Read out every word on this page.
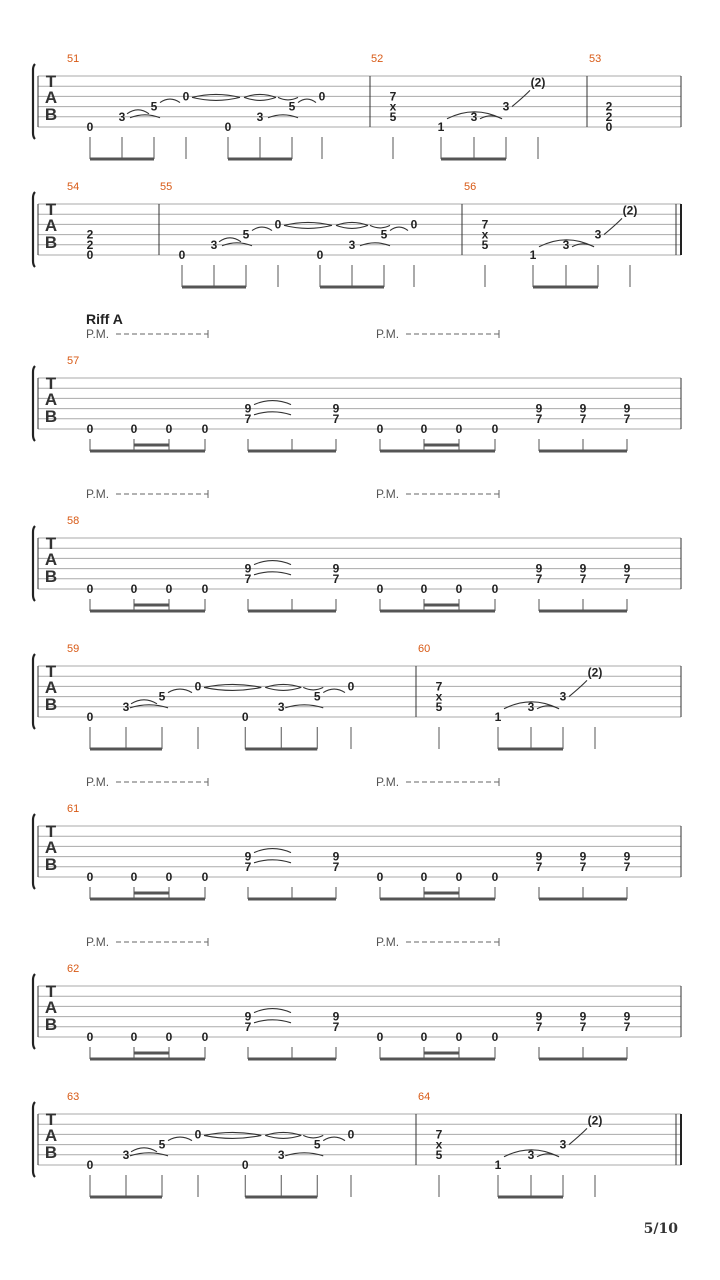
T
A
B
51	52	53
0
3
5
0
0
3
5
0	7
x
5
1
3
3
(2)
2
2
0
T
A
B
54	55	56
2
2
0	0
3
5
0
0
3
5
0	7
x
5
1
3
3
(2)
Riff A
P.M.	P.M.
T
A
B
57
0	0 0 0	0	0 0 0
7
9
7
9
7
9
7
9
7
9
P.M.	P.M.
T
A
B
58
0	0 0 0	0	0 0 0
7
9
7
9
7
9
7
9
7
9
T
A
B
59	60
0
3
5
0
0
3
5
0	7
x
5
1
3
3
(2)
P.M.	P.M.
T
A
B
61
0	0 0 0	0	0 0 0
7
9
7
9
7
9
7
9
7
9
P.M.	P.M.
T
A
B
62
0	0 0 0	0	0 0 0
7
9
7
9
7
9
7
9
7
9
T
A
B
63	64
0
3
5
0
0
3
5
0	7
x
5
1
3
3
(2)
5/10
